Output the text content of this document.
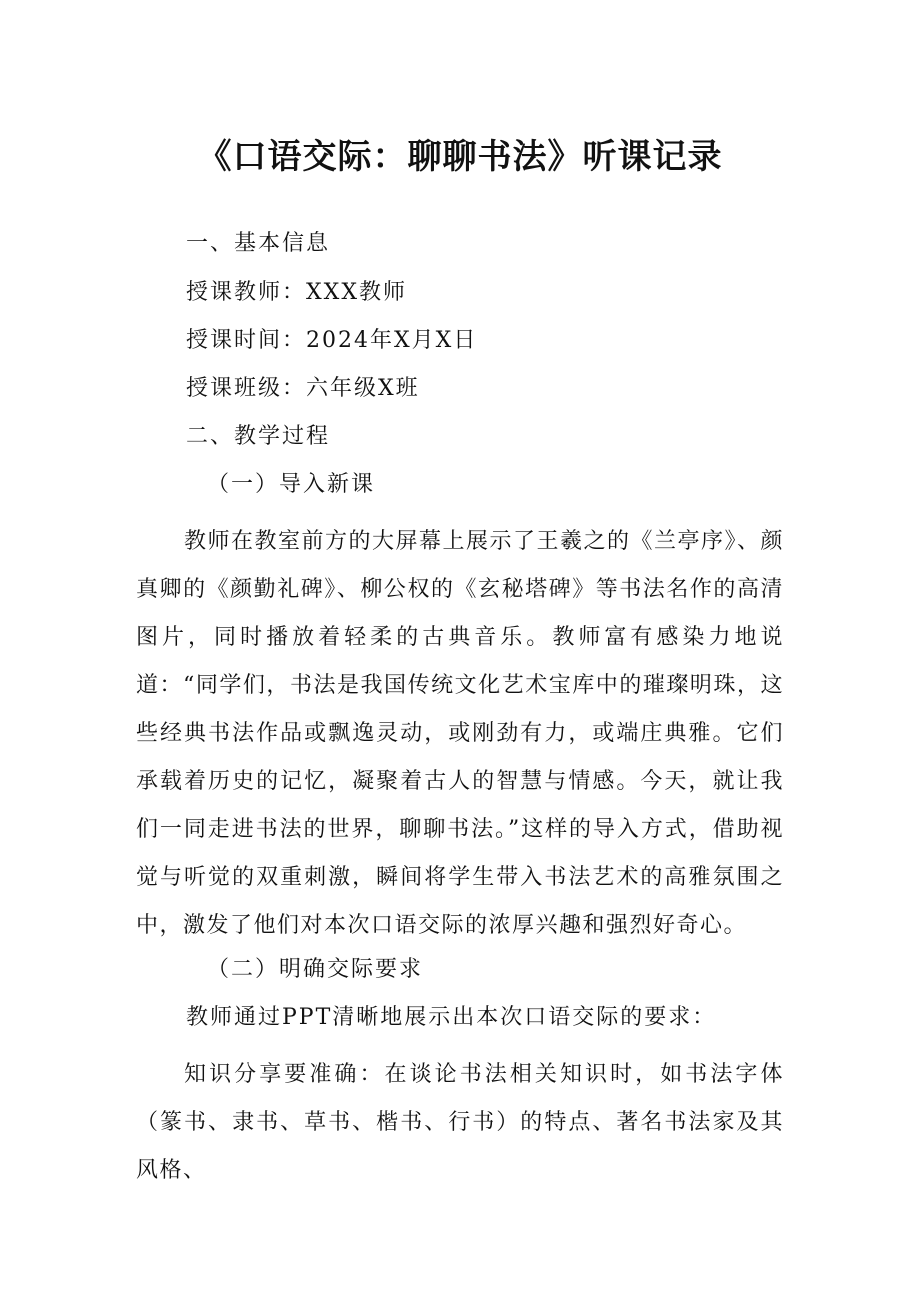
《口语交际：聊聊书法》听课记录
一、基本信息
授课教师：XXX教师
授课时间：2024年X月X日
授课班级：六年级X班
二、教学过程
（一）导入新课
教师在教室前方的大屏幕上展示了王羲之的《兰亭序》、颜真卿的《颜勤礼碑》、柳公权的《玄秘塔碑》等书法名作的高清图片，同时播放着轻柔的古典音乐。教师富有感染力地说道：“同学们，书法是我国传统文化艺术宝库中的璀璨明珠，这些经典书法作品或飘逸灵动，或刚劲有力，或端庄典雅。它们承载着历史的记忆，凝聚着古人的智慧与情感。今天，就让我们一同走进书法的世界，聊聊书法。”这样的导入方式，借助视觉与听觉的双重刺激，瞬间将学生带入书法艺术的高雅氛围之中，激发了他们对本次口语交际的浓厚兴趣和强烈好奇心。
（二）明确交际要求
教师通过PPT清晰地展示出本次口语交际的要求：
知识分享要准确：在谈论书法相关知识时，如书法字体（篆书、隶书、草书、楷书、行书）的特点、著名书法家及其风格、
